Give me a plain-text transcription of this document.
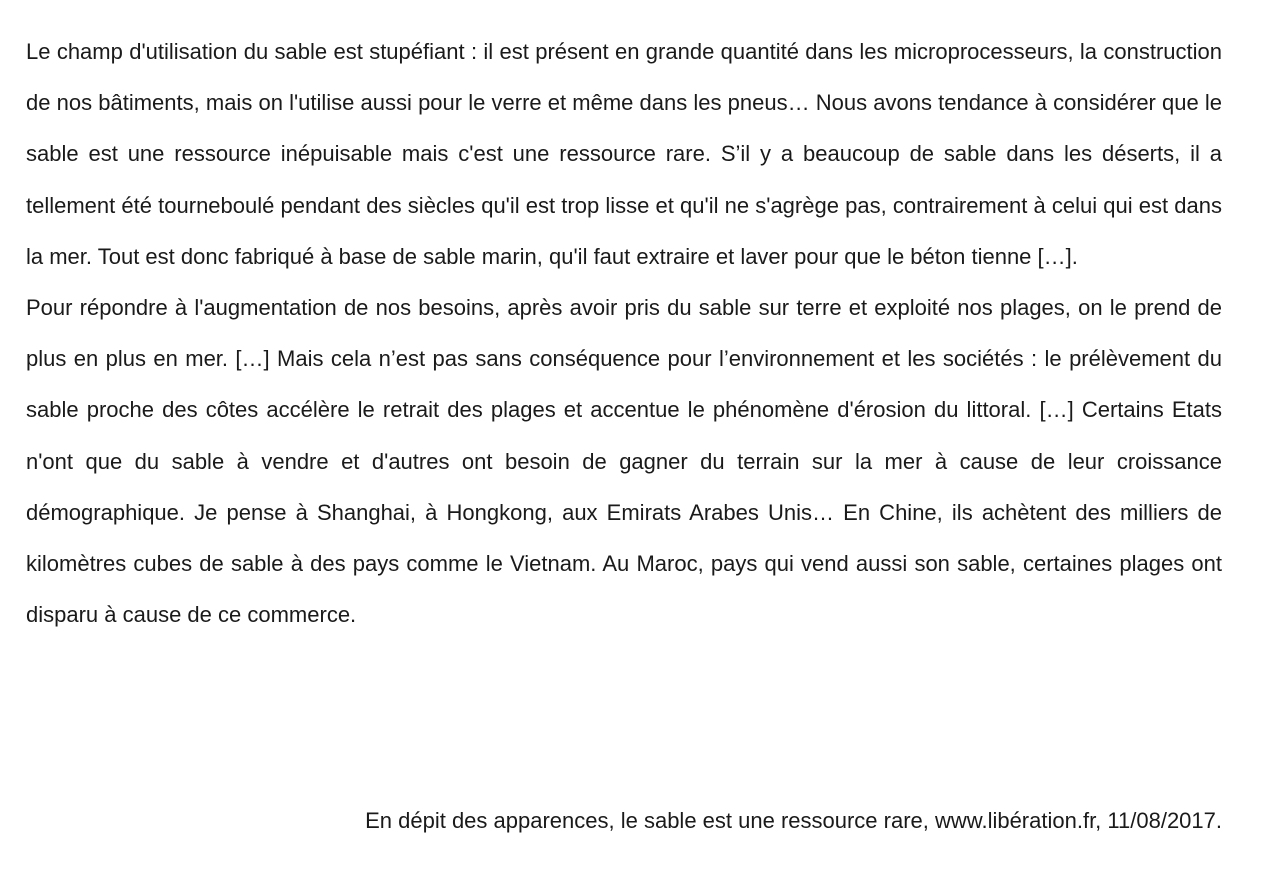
Le champ d'utilisation du sable est stupéfiant : il est présent en grande quantité dans les microprocesseurs, la construction de nos bâtiments, mais on l'utilise aussi pour le verre et même dans les pneus… Nous avons tendance à considérer que le sable est une ressource inépuisable mais c'est une ressource rare. S’il y a beaucoup de sable dans les déserts, il a tellement été tourneboulé pendant des siècles qu'il est trop lisse et qu'il ne s'agrège pas, contrairement à celui qui est dans la mer. Tout est donc fabriqué à base de sable marin, qu'il faut extraire et laver pour que le béton tienne […].

Pour répondre à l'augmentation de nos besoins, après avoir pris du sable sur terre et exploité nos plages, on le prend de plus en plus en mer. […] Mais cela n’est pas sans conséquence pour l’environnement et les sociétés : le prélèvement du sable proche des côtes accélère le retrait des plages et accentue le phénomène d'érosion du littoral. […] Certains Etats n'ont que du sable à vendre et d'autres ont besoin de gagner du terrain sur la mer à cause de leur croissance démographique. Je pense à Shanghai, à Hongkong, aux Emirats Arabes Unis… En Chine, ils achètent des milliers de kilomètres cubes de sable à des pays comme le Vietnam. Au Maroc, pays qui vend aussi son sable, certaines plages ont disparu à cause de ce commerce.

En dépit des apparences, le sable est une ressource rare, www.libération.fr, 11/08/2017.
